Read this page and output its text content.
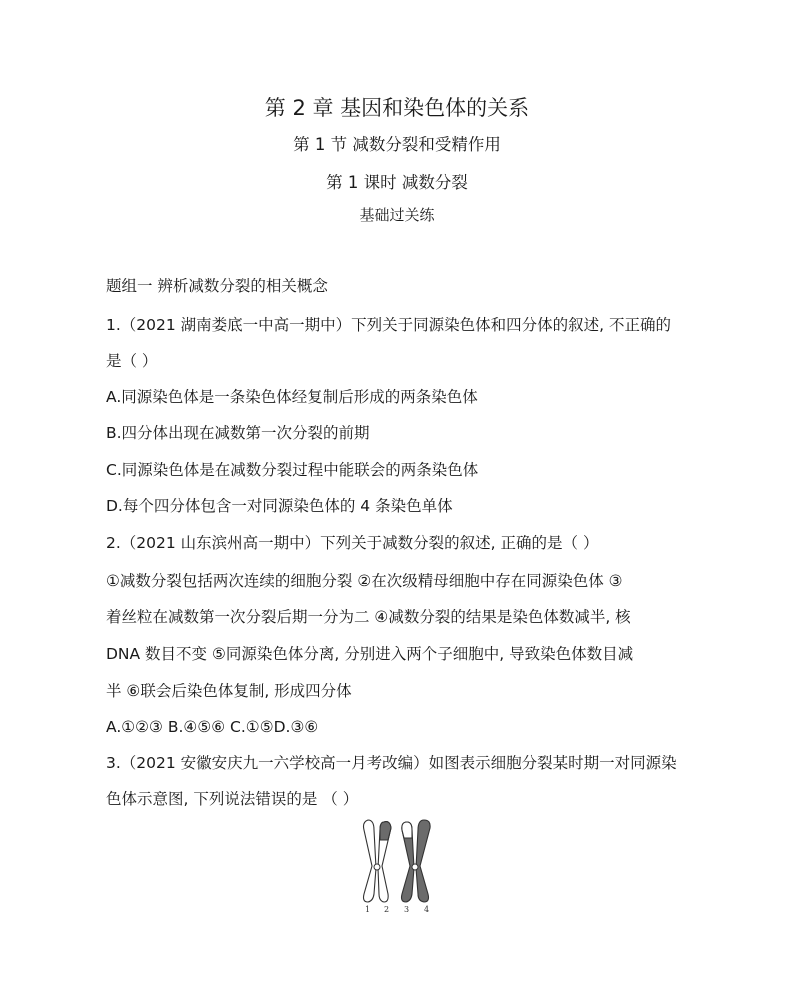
第 2 章 基因和染色体的关系
第 1 节 减数分裂和受精作用
第 1 课时 减数分裂
基础过关练
题组一 辨析减数分裂的相关概念
1.（2021 湖南娄底一中高一期中）下列关于同源染色体和四分体的叙述, 不正确的
是（ ）
A.同源染色体是一条染色体经复制后形成的两条染色体
B.四分体出现在减数第一次分裂的前期
C.同源染色体是在减数分裂过程中能联会的两条染色体
D.每个四分体包含一对同源染色体的 4 条染色单体
2.（2021 山东滨州高一期中）下列关于减数分裂的叙述, 正确的是（ ）
①减数分裂包括两次连续的细胞分裂 ②在次级精母细胞中存在同源染色体 ③
着丝粒在减数第一次分裂后期一分为二 ④减数分裂的结果是染色体数减半, 核
DNA 数目不变 ⑤同源染色体分离, 分别进入两个子细胞中, 导致染色体数目减
半 ⑥联会后染色体复制, 形成四分体
A.①②③ B.④⑤⑥ C.①⑤D.③⑥
3.（2021 安徽安庆九一六学校高一月考改编）如图表示细胞分裂某时期一对同源染
色体示意图, 下列说法错误的是 （ ）
1 2 3 4
